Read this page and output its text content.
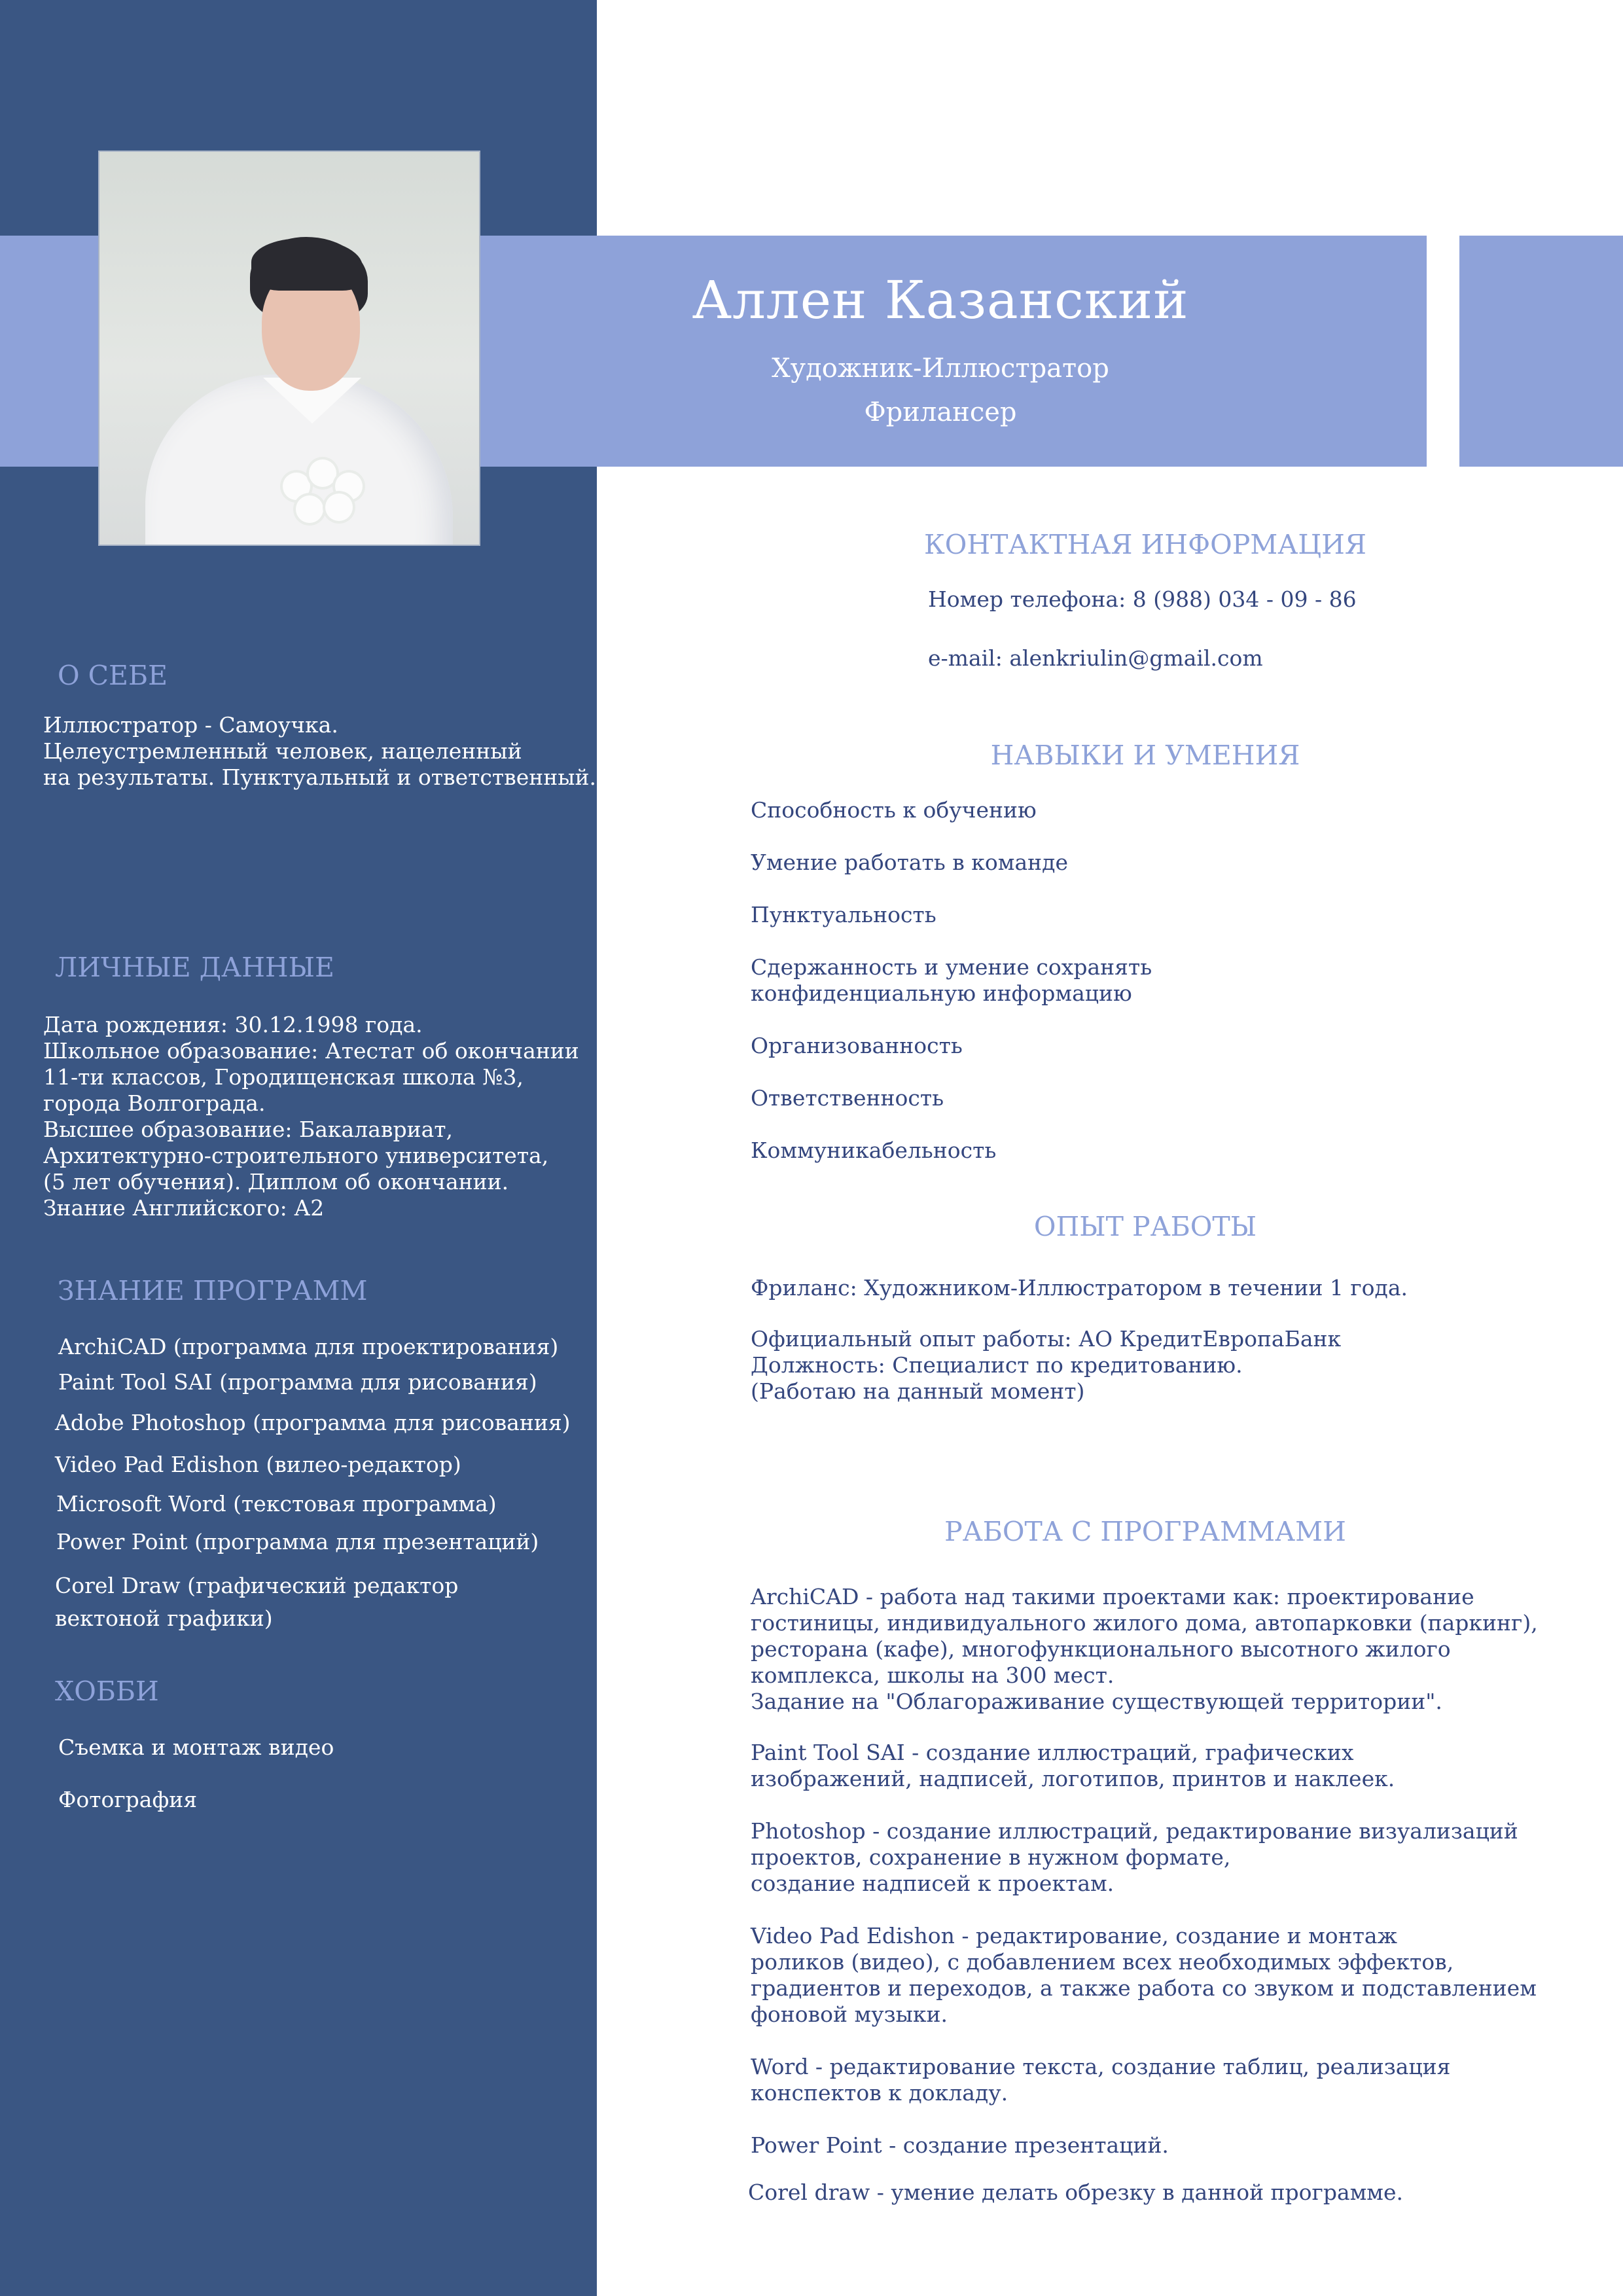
Аллен Казанский
Художник-Иллюстратор
Фрилансер
О СЕБЕ
Иллюстратор - Самоучка.
Целеустремленный человек, нацеленный
на результаты. Пунктуальный и ответственный.
ЛИЧНЫЕ ДАННЫЕ
Дата рождения: 30.12.1998 года.
Школьное образование: Атестат об окончании
11-ти классов, Городищенская школа №3,
города Волгограда.
Высшее образование: Бакалавриат,
Архитектурно-строительного университета,
(5 лет обучения). Диплом об окончании.
Знание Английского: А2
ЗНАНИЕ ПРОГРАММ
ArchiCAD (программа для проектирования)
Paint Tool SAI (программа для рисования)
Adobe Photoshop (программа для рисования)
Video Pad Edishon (вилео-редактор)
Microsoft Word (текстовая программа)
Power Point (программа для презентаций)
Corel Draw (графический редактор
вектоной графики)
ХОББИ
Съемка и монтаж видео
Фотография
КОНТАКТНАЯ ИНФОРМАЦИЯ
Номер телефона: 8 (988) 034 - 09 - 86
e-mail: alenkriulin@gmail.com
НАВЫКИ И УМЕНИЯ
Способность к обучению
Умение работать в команде
Пунктуальность
Сдержанность и умение сохранять
конфиденциальную информацию
Организованность
Ответственность
Коммуникабельность
ОПЫТ РАБОТЫ
Фриланс: Художником-Иллюстратором в течении 1 года.
Официальный опыт работы: АО КредитЕвропаБанк
Должность: Специалист по кредитованию.
(Работаю на данный момент)
РАБОТА С ПРОГРАММАМИ
ArchiCAD - работа над такими проектами как: проектирование
гостиницы, индивидуального жилого дома, автопарковки (паркинг),
ресторана (кафе), многофункционального высотного жилого
комплекса, школы на 300 мест.
Задание на "Облагораживание существующей территории".
Paint Tool SAI - создание иллюстраций, графических
изображений, надписей, логотипов, принтов и наклеек.
Photoshop - создание иллюстраций, редактирование визуализаций
проектов, сохранение в нужном формате,
создание надписей к проектам.
Video Pad Edishon - редактирование, создание и монтаж
роликов (видео), с добавлением всех необходимых эффектов,
градиентов и переходов, а также работа со звуком и подставлением
фоновой музыки.
Word - редактирование текста, создание таблиц, реализация
конспектов к докладу.
Power Point - создание презентаций.
Corel draw - умение делать обрезку в данной программе.
